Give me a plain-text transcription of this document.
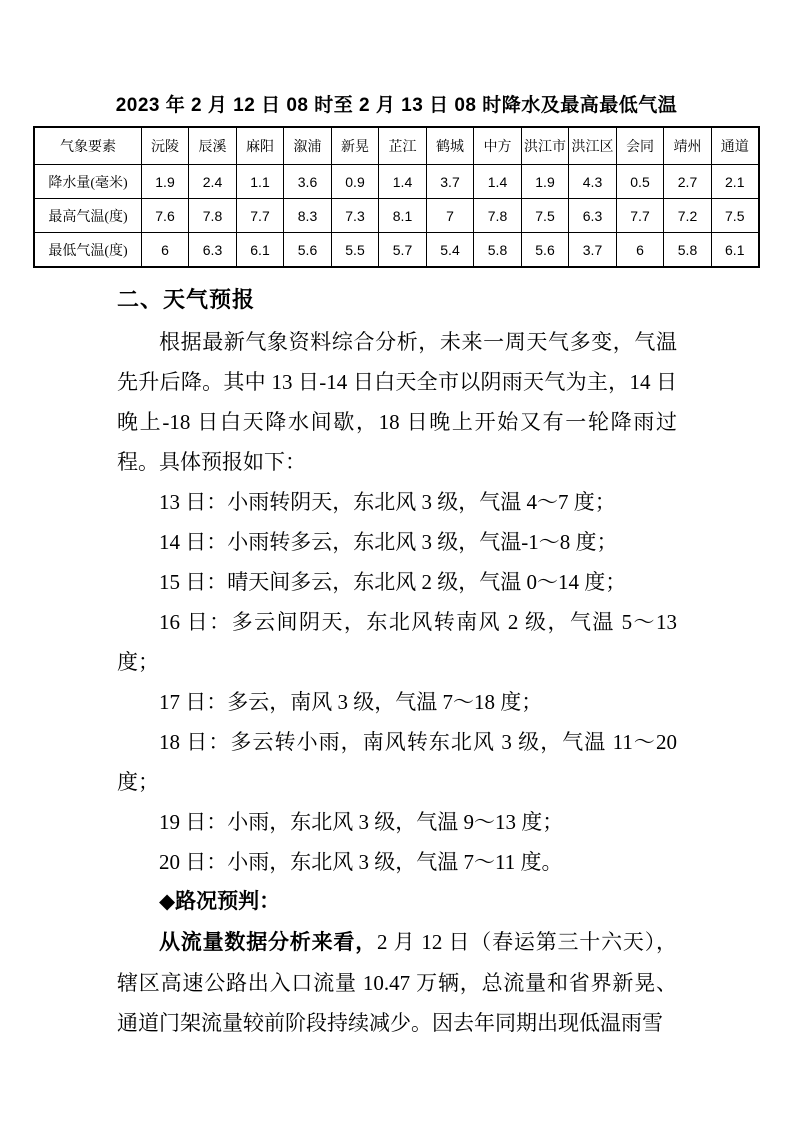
2023 年 2 月 12 日 08 时至 2 月 13 日 08 时降水及最高最低气温
气象要素	沅陵	辰溪	麻阳	溆浦	新晃	芷江	鹤城	中方	洪江市	洪江区	会同	靖州	通道
降水量(毫米)	1.9	2.4	1.1	3.6	0.9	1.4	3.7	1.4	1.9	4.3	0.5	2.7	2.1
最高气温(度)	7.6	7.8	7.7	8.3	7.3	8.1	7	7.8	7.5	6.3	7.7	7.2	7.5
最低气温(度)	6	6.3	6.1	5.6	5.5	5.7	5.4	5.8	5.6	3.7	6	5.8	6.1
二、天气预报

根据最新气象资料综合分析，未来一周天气多变，气温先升后降。其中 13 日-14 日白天全市以阴雨天气为主，14 日晚上-18 日白天降水间歇，18 日晚上开始又有一轮降雨过程。具体预报如下：

13 日：小雨转阴天，东北风 3 级，气温 4～7 度；

14 日：小雨转多云，东北风 3 级，气温-1～8 度；

15 日：晴天间多云，东北风 2 级，气温 0～14 度；

16 日：多云间阴天，东北风转南风 2 级，气温 5～13 度；

17 日：多云，南风 3 级，气温 7～18 度；

18 日：多云转小雨，南风转东北风 3 级，气温 11～20 度；

19 日：小雨，东北风 3 级，气温 9～13 度；

20 日：小雨，东北风 3 级，气温 7～11 度。

◆路况预判：

从流量数据分析来看，2 月 12 日（春运第三十六天），辖区高速公路出入口流量 10.47 万辆，总流量和省界新晃、通道门架流量较前阶段持续减少。因去年同期出现低温雨雪
